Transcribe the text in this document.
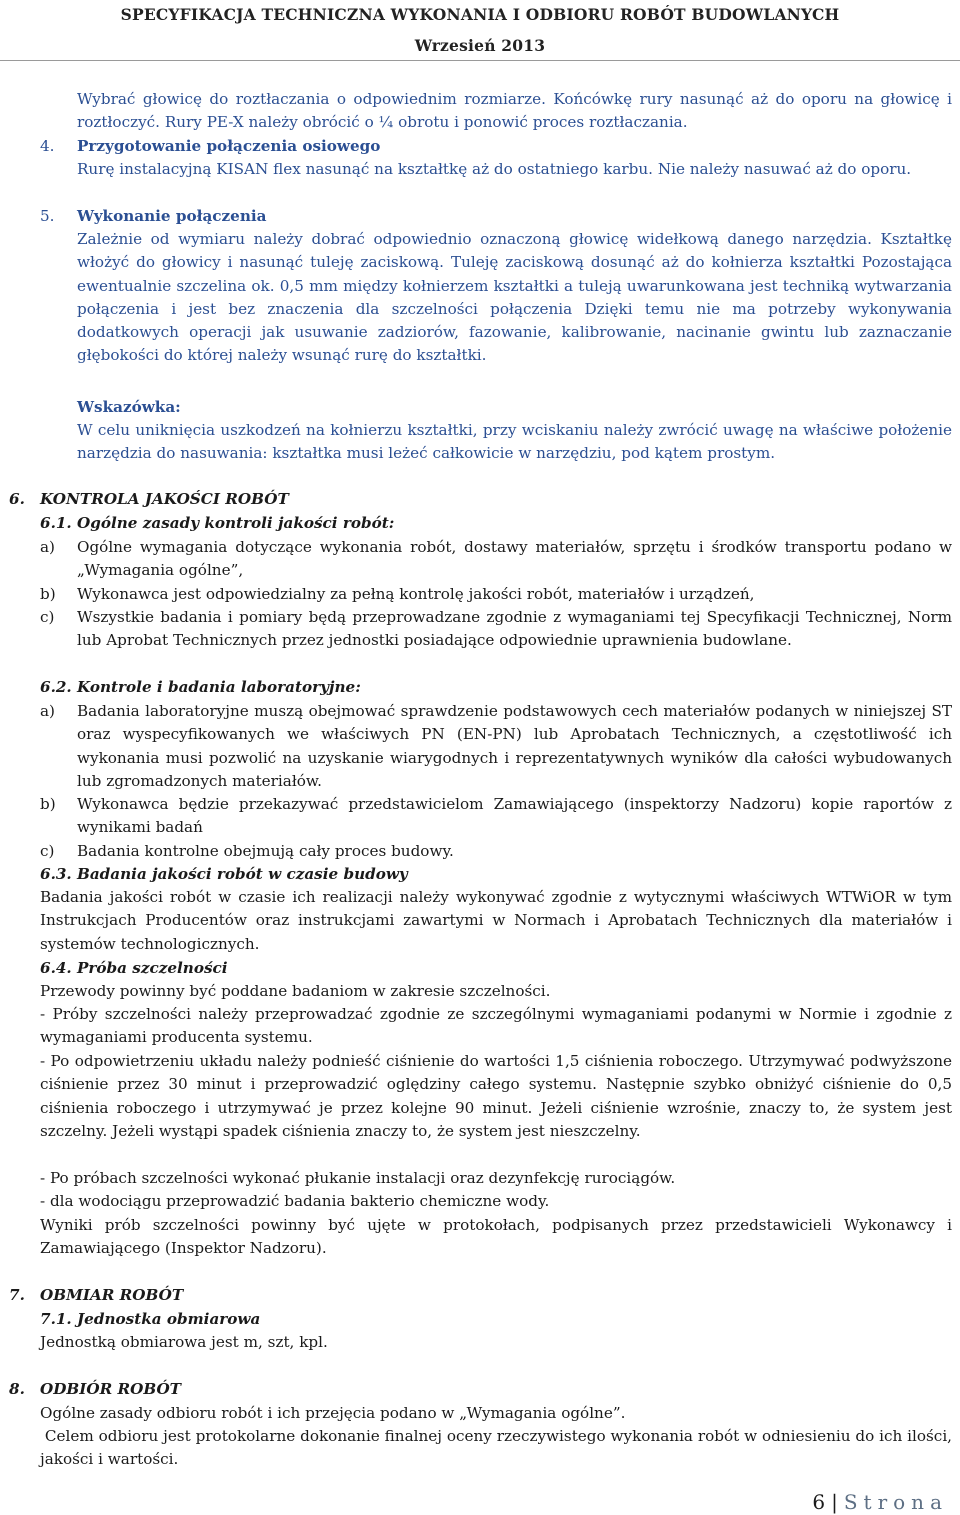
SPECYFIKACJA TECHNICZNA WYKONANIA I ODBIORU ROBÓT BUDOWLANYCH
Wrzesień 2013
Wybrać głowicę do roztłaczania o odpowiednim rozmiarze. Końcówkę rury nasunąć aż do oporu na głowicę i roztłoczyć. Rury PE-X należy obrócić o ¼ obrotu i ponowić proces roztłaczania.
4. Przygotowanie połączenia osiowego
Rurę instalacyjną KISAN flex nasunąć na kształtkę aż do ostatniego karbu. Nie należy nasuwać aż do oporu.
5. Wykonanie połączenia
Zależnie od wymiaru należy dobrać odpowiednio oznaczoną głowicę widełkową danego narzędzia. Kształtkę włożyć do głowicy i nasunąć tuleję zaciskową. Tuleję zaciskową dosunąć aż do kołnierza kształtki Pozostająca ewentualnie szczelina ok. 0,5 mm między kołnierzem kształtki a tuleją uwarunkowana jest techniką wytwarzania połączenia i jest bez znaczenia dla szczelności połączenia Dzięki temu nie ma potrzeby wykonywania dodatkowych operacji jak usuwanie zadziorów, fazowanie, kalibrowanie, nacinanie gwintu lub zaznaczanie głębokości do której należy wsunąć rurę do kształtki.
Wskazówka:
W celu uniknięcia uszkodzeń na kołnierzu kształtki, przy wciskaniu należy zwrócić uwagę na właściwe położenie narzędzia do nasuwania: kształtka musi leżeć całkowicie w narzędziu, pod kątem prostym.
6. KONTROLA JAKOŚCI ROBÓT
6.1. Ogólne zasady kontroli jakości robót:
a) Ogólne wymagania dotyczące wykonania robót, dostawy materiałów, sprzętu i środków transportu podano w „Wymagania ogólne”,
b) Wykonawca jest odpowiedzialny za pełną kontrolę jakości robót, materiałów i urządzeń,
c) Wszystkie badania i pomiary będą przeprowadzane zgodnie z wymaganiami tej Specyfikacji Technicznej, Norm lub Aprobat Technicznych przez jednostki posiadające odpowiednie uprawnienia budowlane.
6.2. Kontrole i badania laboratoryjne:
a) Badania laboratoryjne muszą obejmować sprawdzenie podstawowych cech materiałów podanych w niniejszej ST oraz wyspecyfikowanych we właściwych PN (EN-PN) lub Aprobatach Technicznych, a częstotliwość ich wykonania musi pozwolić na uzyskanie wiarygodnych i reprezentatywnych wyników dla całości wybudowanych lub zgromadzonych materiałów.
b) Wykonawca będzie przekazywać przedstawicielom Zamawiającego (inspektorzy Nadzoru) kopie raportów z wynikami badań
c) Badania kontrolne obejmują cały proces budowy.
6.3. Badania jakości robót w czasie budowy
Badania jakości robót w czasie ich realizacji należy wykonywać zgodnie z wytycznymi właściwych WTWiOR w tym Instrukcjach Producentów oraz instrukcjami zawartymi w Normach i Aprobatach Technicznych dla materiałów i systemów technologicznych.
6.4. Próba szczelności
Przewody powinny być poddane badaniom w zakresie szczelności.
- Próby szczelności należy przeprowadzać zgodnie ze szczególnymi wymaganiami podanymi w Normie i zgodnie z wymaganiami producenta systemu.
- Po odpowietrzeniu układu należy podnieść ciśnienie do wartości 1,5 ciśnienia roboczego. Utrzymywać podwyższone ciśnienie przez 30 minut i przeprowadzić oględziny całego systemu. Następnie szybko obniżyć ciśnienie do 0,5 ciśnienia roboczego i utrzymywać je przez kolejne 90 minut. Jeżeli ciśnienie wzrośnie, znaczy to, że system jest szczelny. Jeżeli wystąpi spadek ciśnienia znaczy to, że system jest nieszczelny.
- Po próbach szczelności wykonać płukanie instalacji oraz dezynfekcję rurociągów.
- dla wodociągu przeprowadzić badania bakterio chemiczne wody.
Wyniki prób szczelności powinny być ujęte w protokołach, podpisanych przez przedstawicieli Wykonawcy i Zamawiającego (Inspektor Nadzoru).
7. OBMIAR ROBÓT
7.1. Jednostka obmiarowa
Jednostką obmiarowa jest m, szt, kpl.
8. ODBIÓR ROBÓT
Ogólne zasady odbioru robót i ich przejęcia podano w „Wymagania ogólne”.
Celem odbioru jest protokolarne dokonanie finalnej oceny rzeczywistego wykonania robót w odniesieniu do ich ilości, jakości i wartości.
6 | Strona
